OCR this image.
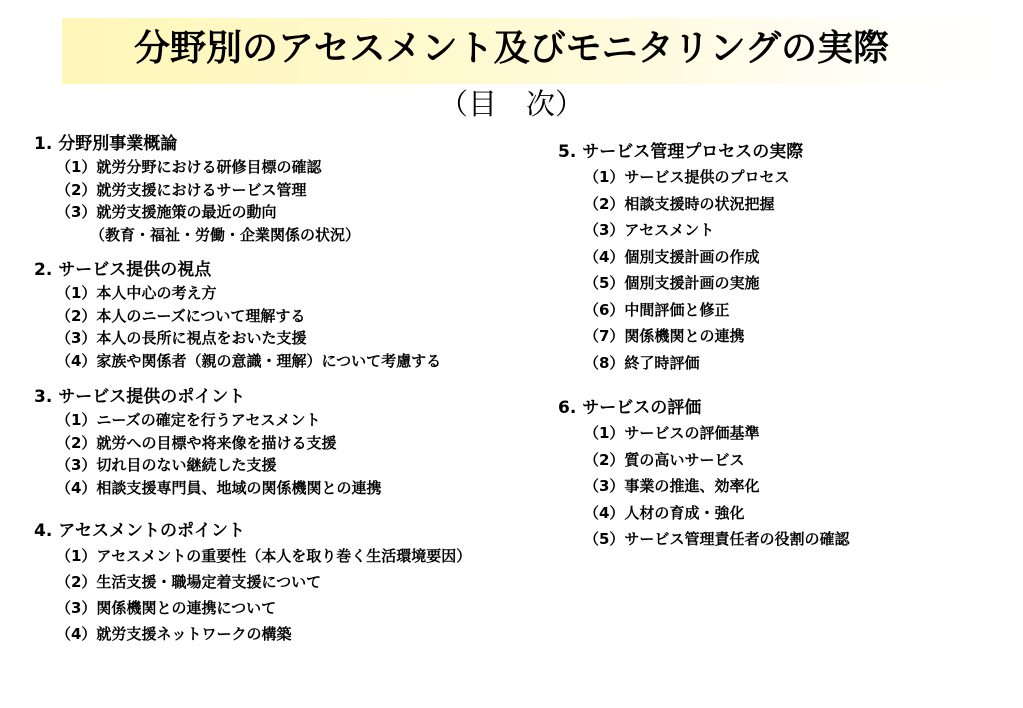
分野別のアセスメント及びモニタリングの実際
（目　次）
1. 分野別事業概論
（1）就労分野における研修目標の確認
（2）就労支援におけるサービス管理
（3）就労支援施策の最近の動向
（教育・福祉・労働・企業関係の状況）
2. サービス提供の視点
（1）本人中心の考え方
（2）本人のニーズについて理解する
（3）本人の長所に視点をおいた支援
（4）家族や関係者（親の意識・理解）について考慮する
3. サービス提供のポイント
（1）ニーズの確定を行うアセスメント
（2）就労への目標や将来像を描ける支援
（3）切れ目のない継続した支援
（4）相談支援専門員、地域の関係機関との連携
4. アセスメントのポイント
（1）アセスメントの重要性（本人を取り巻く生活環境要因）
（2）生活支援・職場定着支援について
（3）関係機関との連携について
（4）就労支援ネットワークの構築
5. サービス管理プロセスの実際
（1）サービス提供のプロセス
（2）相談支援時の状況把握
（3）アセスメント
（4）個別支援計画の作成
（5）個別支援計画の実施
（6）中間評価と修正
（7）関係機関との連携
（8）終了時評価
6. サービスの評価
（1）サービスの評価基準
（2）質の高いサービス
（3）事業の推進、効率化
（4）人材の育成・強化
（5）サービス管理責任者の役割の確認
